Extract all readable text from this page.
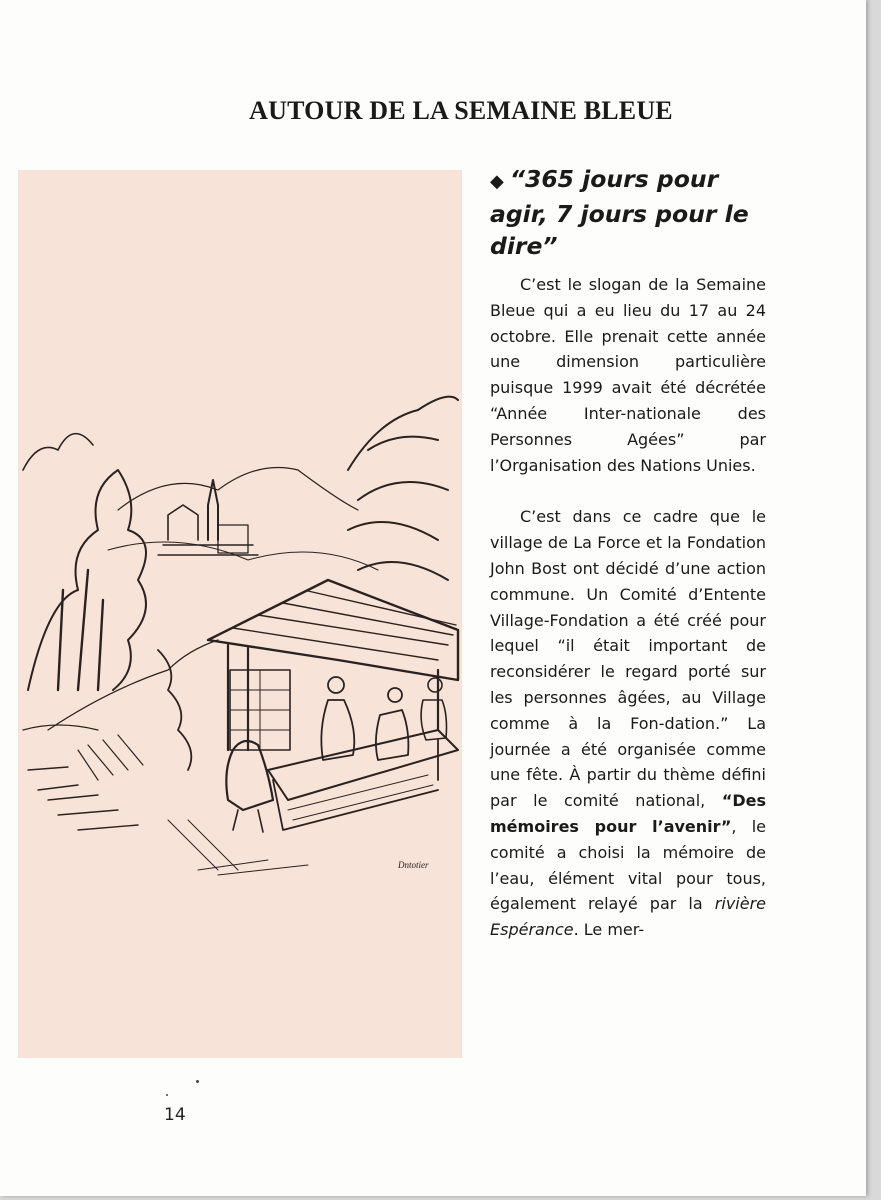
AUTOUR DE LA SEMAINE BLEUE
Dntotier
◆ “365 jours pour agir, 7 jours pour le dire”

C’est le slogan de la Semaine Bleue qui a eu lieu du 17 au 24 octobre. Elle prenait cette année une dimension particulière puisque 1999 avait été décrétée “Année Inter-nationale des Personnes Agées” par l’Organisation des Nations Unies.

C’est dans ce cadre que le village de La Force et la Fondation John Bost ont décidé d’une action commune. Un Comité d’Entente Village-Fondation a été créé pour lequel “il était important de reconsidérer le regard porté sur les personnes âgées, au Village comme à la Fon-dation.” La journée a été organisée comme une fête. À partir du thème défini par le comité national, “Des mémoires pour l’avenir”, le comité a choisi la mémoire de l’eau, élément vital pour tous, également relayé par la rivière Espérance. Le mer-

14
